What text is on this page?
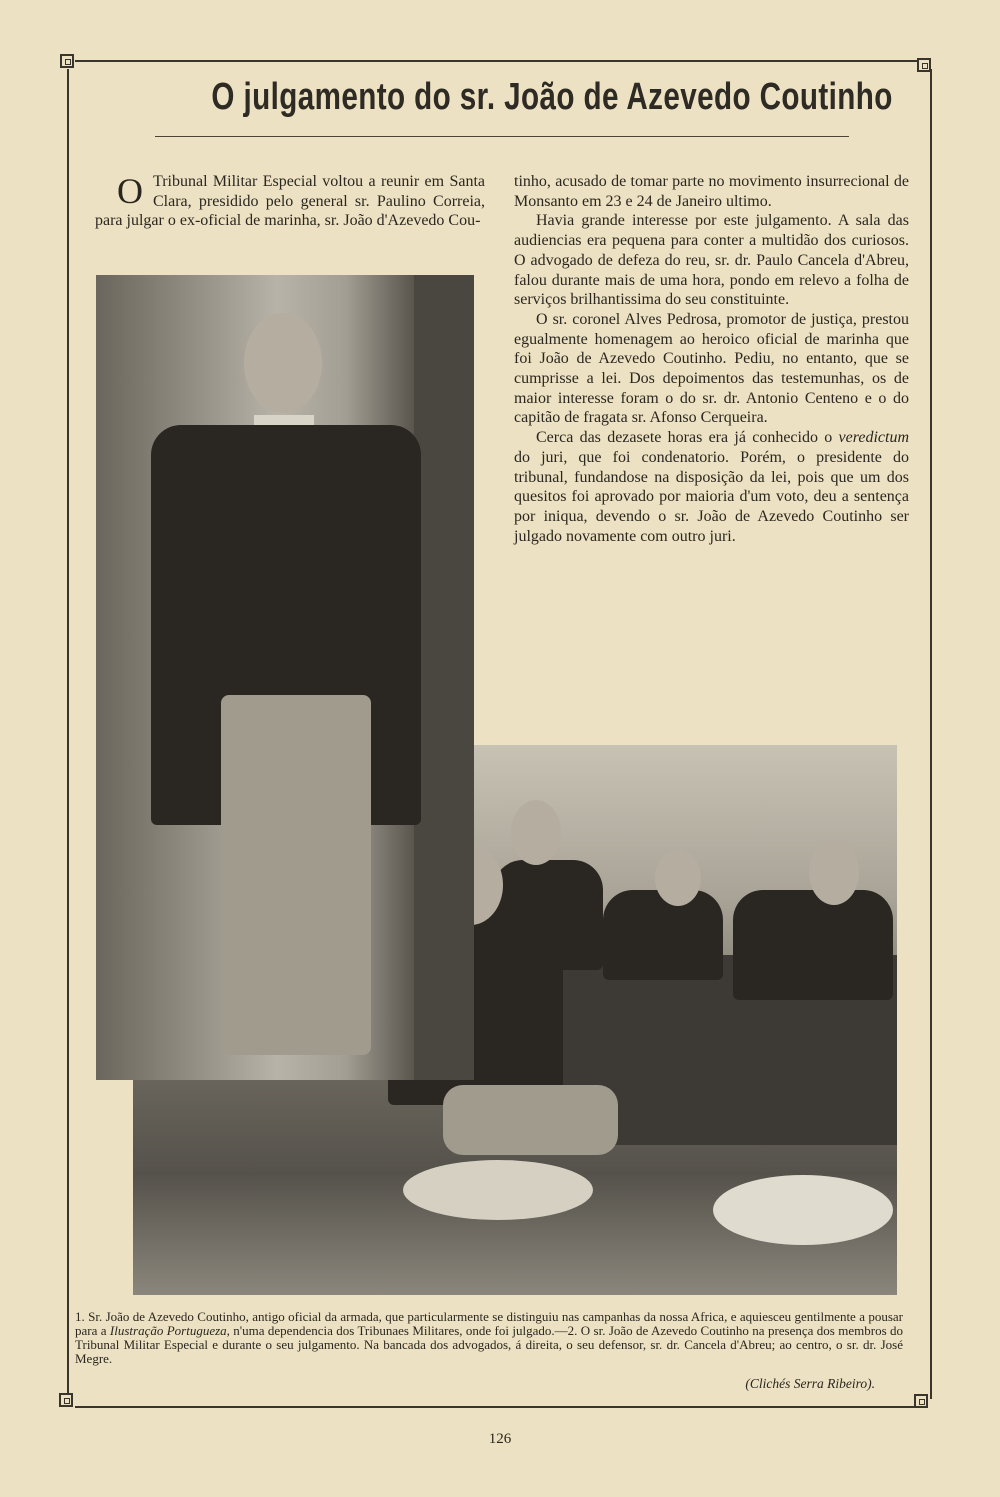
O julgamento do sr. João de Azevedo Coutinho

O Tribunal Militar Especial voltou a reunir em Santa Clara, presidido pelo general sr. Paulino Correia, para julgar o ex-oficial de marinha, sr. João d'Azevedo Cou-

tinho, acusado de tomar parte no movimento insurrecional de Monsanto em 23 e 24 de Janeiro ultimo.

Havia grande interesse por este julgamento. A sala das audiencias era pequena para conter a multidão dos curiosos. O advogado de defeza do reu, sr. dr. Paulo Cancela d'Abreu, falou durante mais de uma hora, pondo em relevo a folha de serviços brilhantissima do seu constituinte.

O sr. coronel Alves Pedrosa, promotor de justiça, prestou egualmente homenagem ao heroico oficial de marinha que foi João de Azevedo Coutinho. Pediu, no entanto, que se cumprisse a lei. Dos depoimentos das testemunhas, os de maior interesse foram o do sr. dr. Antonio Centeno e o do capitão de fragata sr. Afonso Cerqueira.

Cerca das dezasete horas era já conhecido o veredictum do juri, que foi condenatorio. Porém, o presidente do tribunal, fundandose na disposição da lei, pois que um dos quesitos foi aprovado por maioria d'um voto, deu a sentença por iniqua, devendo o sr. João de Azevedo Coutinho ser julgado novamente com outro juri.

1. Sr. João de Azevedo Coutinho, antigo oficial da armada, que particularmente se distinguiu nas campanhas da nossa Africa, e aquiesceu gentilmente a pousar para a Ilustração Portugueza, n'uma dependencia dos Tribunaes Militares, onde foi julgado.—2. O sr. João de Azevedo Coutinho na presença dos membros do Tribunal Militar Especial e durante o seu julgamento. Na bancada dos advogados, á direita, o seu defensor, sr. dr. Cancela d'Abreu; ao centro, o sr. dr. José Megre.
(Clichés Serra Ribeiro).
126
